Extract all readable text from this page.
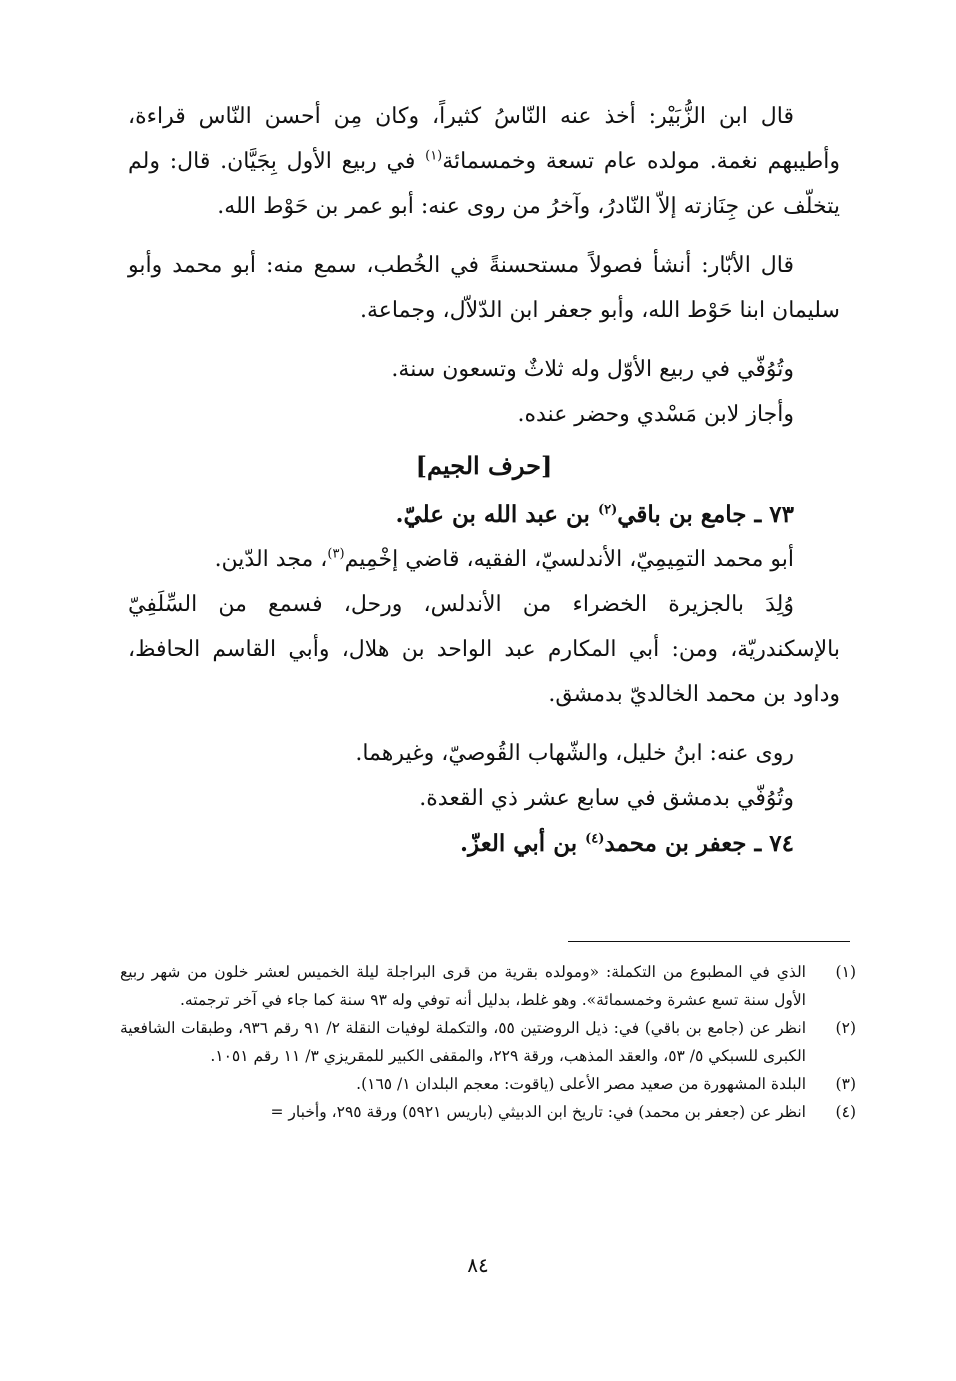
قال ابن الزُّبَيْر: أخذ عنه النّاسُ كثيراً، وكان مِن أحسن النّاس قراءة، وأطيبهم نغمة. مولده عام تسعة وخمسمائة$^{(١)}$ في ربيع الأول بِجَيَّان. قال: ولم يتخلّف عن جِنَازته إلاّ النّادرُ، وآخرُ من روى عنه: أبو عمر بن حَوْط الله.

قال الأبّار: أنشأ فصولاً مستحسنةً في الخُطب، سمع منه: أبو محمد وأبو سليمان ابنا حَوْط الله، وأبو جعفر ابن الدّلاّل، وجماعة.

وتُوُفّي في ربيع الأوّل وله ثلاثٌ وتسعون سنة.

وأجاز لابن مَسْدي وحضر عنده.

[حرف الجيم]

٧٣ ـ جامع بن باقي$^{(٢)}$ بن عبد الله بن عليّ.

أبو محمد التمِيمِيّ، الأندلسيّ، الفقيه، قاضي إخْمِيم$^{(٣)}$، مجد الدّين.

وُلِدَ بالجزيرة الخضراء من الأندلس، ورحل، فسمع من السِّلَفِيّ بالإسكندريّة، ومن: أبي المكارم عبد الواحد بن هلال، وأبي القاسم الحافظ، وداود بن محمد الخالديّ بدمشق.

روى عنه: ابنُ خليل، والشّهاب القُوصيّ، وغيرهما.

وتُوُفّي بدمشق في سابع عشر ذي القعدة.

٧٤ ـ جعفر بن محمد$^{(٤)}$ بن أبي العزّ.

(١)
الذي في المطبوع من التكملة: «ومولده بقرية من قرى البراجلة ليلة الخميس لعشر خلون من شهر ربيع الأول سنة تسع عشرة وخمسمائة». وهو غلط، بدليل أنه توفي وله ٩٣ سنة كما جاء في آخر ترجمته.
(٢)
انظر عن (جامع بن باقي) في: ذيل الروضتين ٥٥، والتكملة لوفيات النقلة ٢/ ٩١ رقم ٩٣٦، وطبقات الشافعية الكبرى للسبكي ٥/ ٥٣، والعقد المذهب، ورقة ٢٢٩، والمقفى الكبير للمقريزي ٣/ ١١ رقم ١٠٥١.
(٣)
البلدة المشهورة من صعيد مصر الأعلى (ياقوت: معجم البلدان ١/ ١٦٥).
(٤)
انظر عن (جعفر بن محمد) في: تاريخ ابن الدبيثي (باريس ٥٩٢١) ورقة ٢٩٥، وأخبار =
٨٤
